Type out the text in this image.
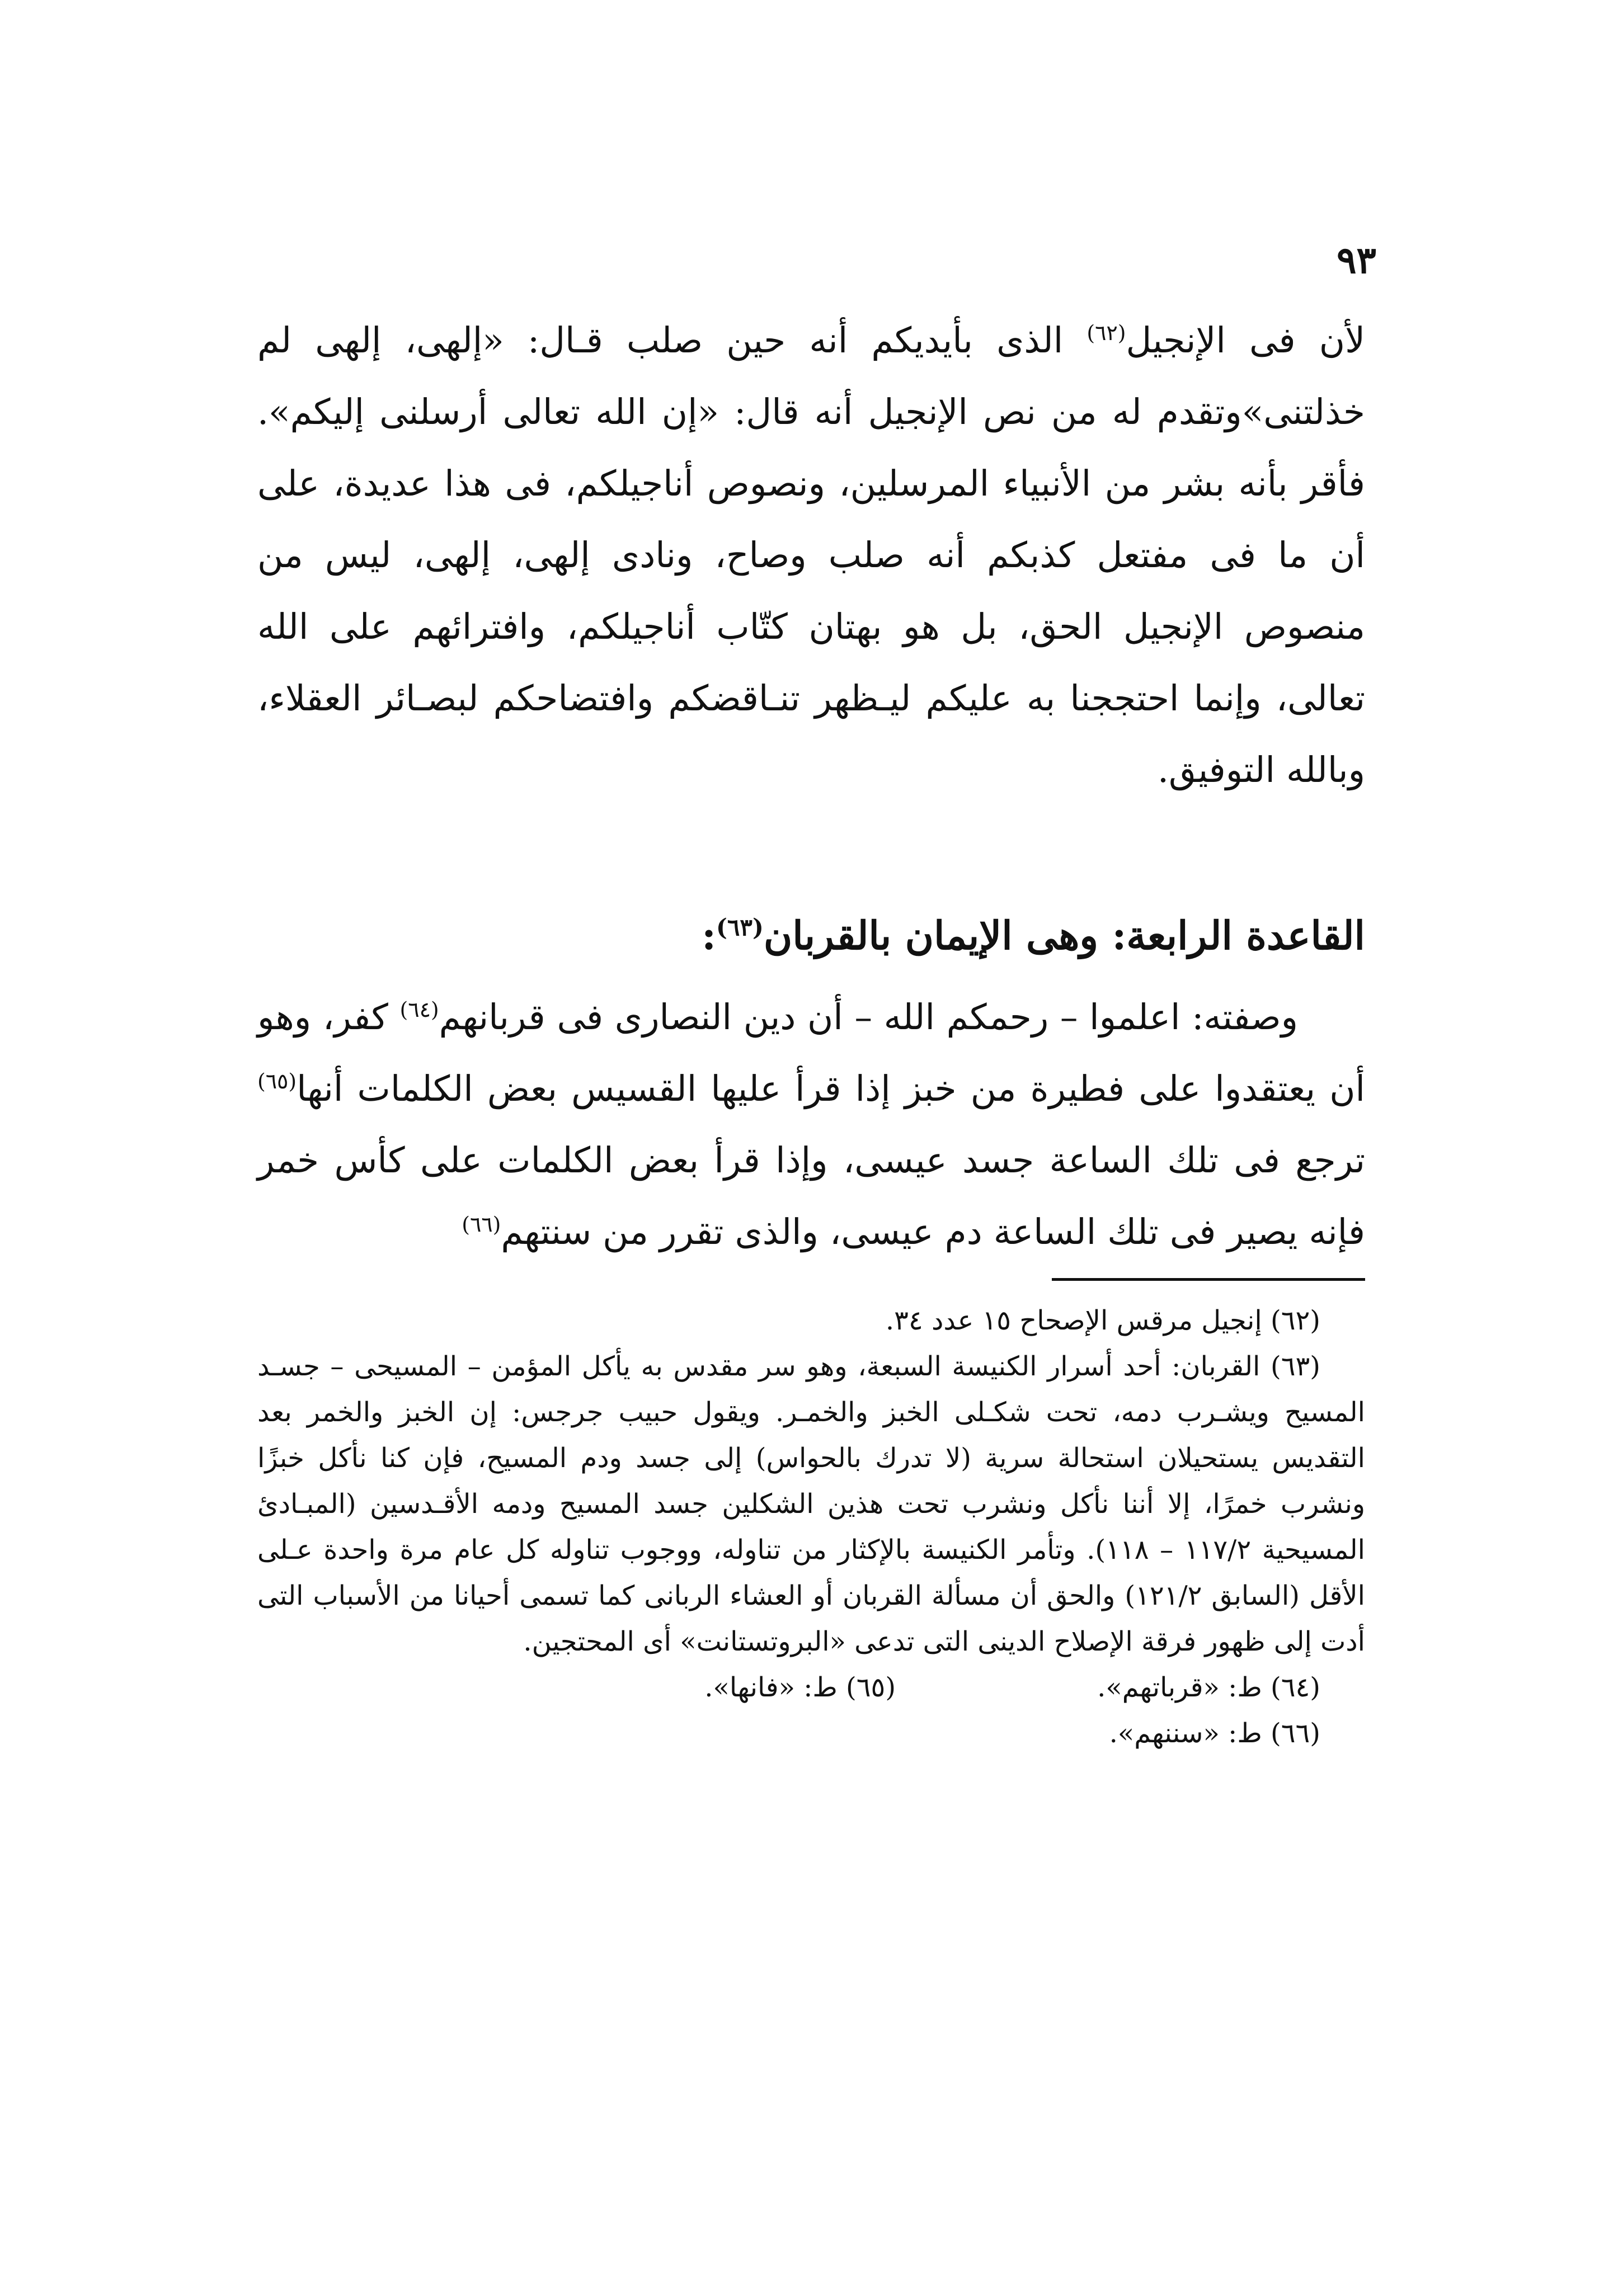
٩٣

لأن فى الإنجيل$^{(٦٢)}$ الذى بأيديكم أنه حين صلب قـال: «إلهى، إلهى لم خذلتنى»وتقدم له من نص الإنجيل أنه قال: «إن الله تعالى أرسلنى إليكم». فأقر بأنه بشر من الأنبياء المرسلين، ونصوص أناجيلكم، فى هذا عديدة، على أن ما فى مفتعل كذبكم أنه صلب وصاح، ونادى إلهى، إلهى، ليس من منصوص الإنجيل الحق، بل هو بهتان كتّاب أناجيلكم، وافترائهم على الله تعالى، وإنما احتججنا به عليكم ليـظهر تنـاقضكم وافتضاحكم لبصـائر العقلاء، وبالله التوفيق.

القاعدة الرابعة: وهى الإيمان بالقربان$^{(٦٣)}$:

وصفته: اعلموا – رحمكم الله – أن دين النصارى فى قربانهم$^{(٦٤)}$ كفر، وهو أن يعتقدوا على فطيرة من خبز إذا قرأ عليها القسيس بعض الكلمات أنها$^{(٦٥)}$ ترجع فى تلك الساعة جسد عيسى، وإذا قرأ بعض الكلمات على كأس خمر فإنه يصير فى تلك الساعة دم عيسى، والذى تقرر من سنتهم$^{(٦٦)}$

(٦٢) إنجيل مرقس الإصحاح ١٥ عدد ٣٤.

(٦٣) القربان: أحد أسرار الكنيسة السبعة، وهو سر مقدس به يأكل المؤمن – المسيحى – جسـد المسيح ويشـرب دمه، تحت شكـلى الخبز والخمـر. ويقول حبيب جرجس: إن الخبز والخمر بعد التقديس يستحيلان استحالة سرية (لا تدرك بالحواس) إلى جسد ودم المسيح، فإن كنا نأكل خبزًا ونشرب خمرًا، إلا أننا نأكل ونشرب تحت هذين الشكلين جسد المسيح ودمه الأقـدسين (المبـادئ المسيحية ١١٧/٢ – ١١٨). وتأمر الكنيسة بالإكثار من تناوله، ووجوب تناوله كل عام مرة واحدة عـلى الأقل (السابق ١٢١/٢) والحق أن مسألة القربان أو العشاء الربانى كما تسمى أحيانا من الأسباب التى أدت إلى ظهور فرقة الإصلاح الدينى التى تدعى «البروتستانت» أى المحتجين.

(٦٤) ط: «قرباتهم».
(٦٥) ط: «فانها».

(٦٦) ط: «سننهم».
